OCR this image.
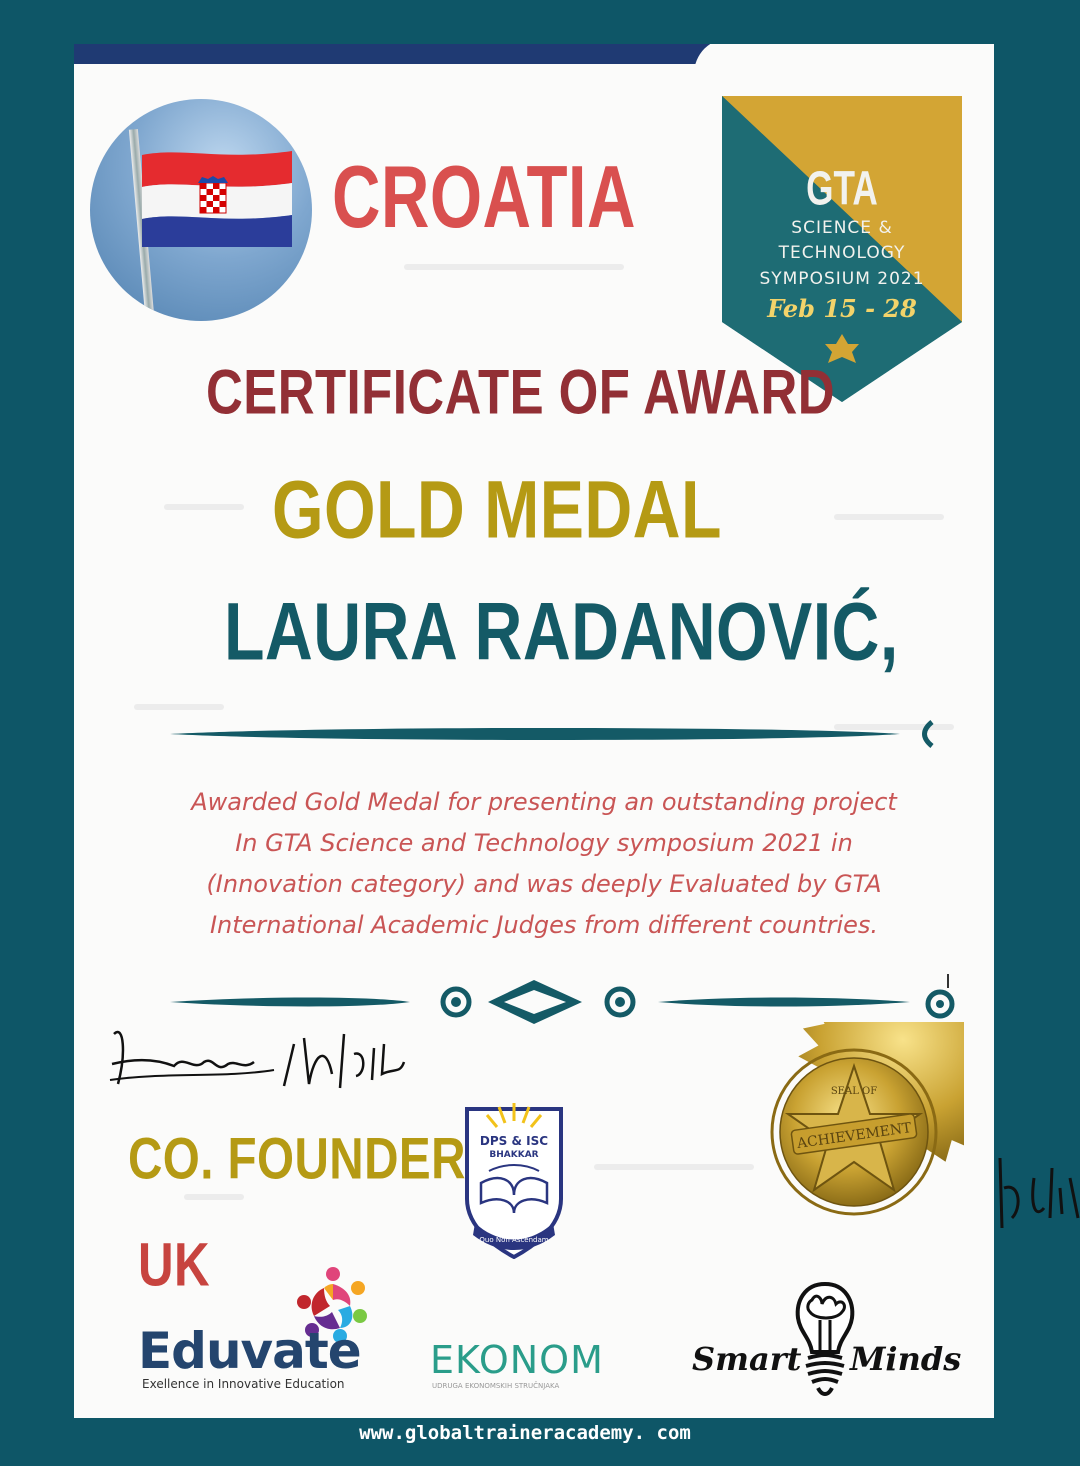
CROATIA	GTA
SCIENCE &
TECHNOLOGY
SYMPOSIUM 2021
Feb 15 - 28
CERTIFICATE OF AWARD
GOLD MEDAL
LAURA RADANOVIĆ,
Awarded Gold Medal for presenting an outstanding project
In GTA Science and Technology symposium 2021 in
(Innovation category) and was deeply Evaluated by GTA
International Academic Judges from different countries.
CO. FOUNDER
UK
DPS & ISC
BHAKKAR
Quo Non Ascendam
ACHIEVEMENT
SEAL OF
Eduvate
Exellence in Innovative Education
EKONOM
UDRUGA EKONOMSKIH STRUČNJAKA
Smart Minds
www.globaltraineracademy. com
